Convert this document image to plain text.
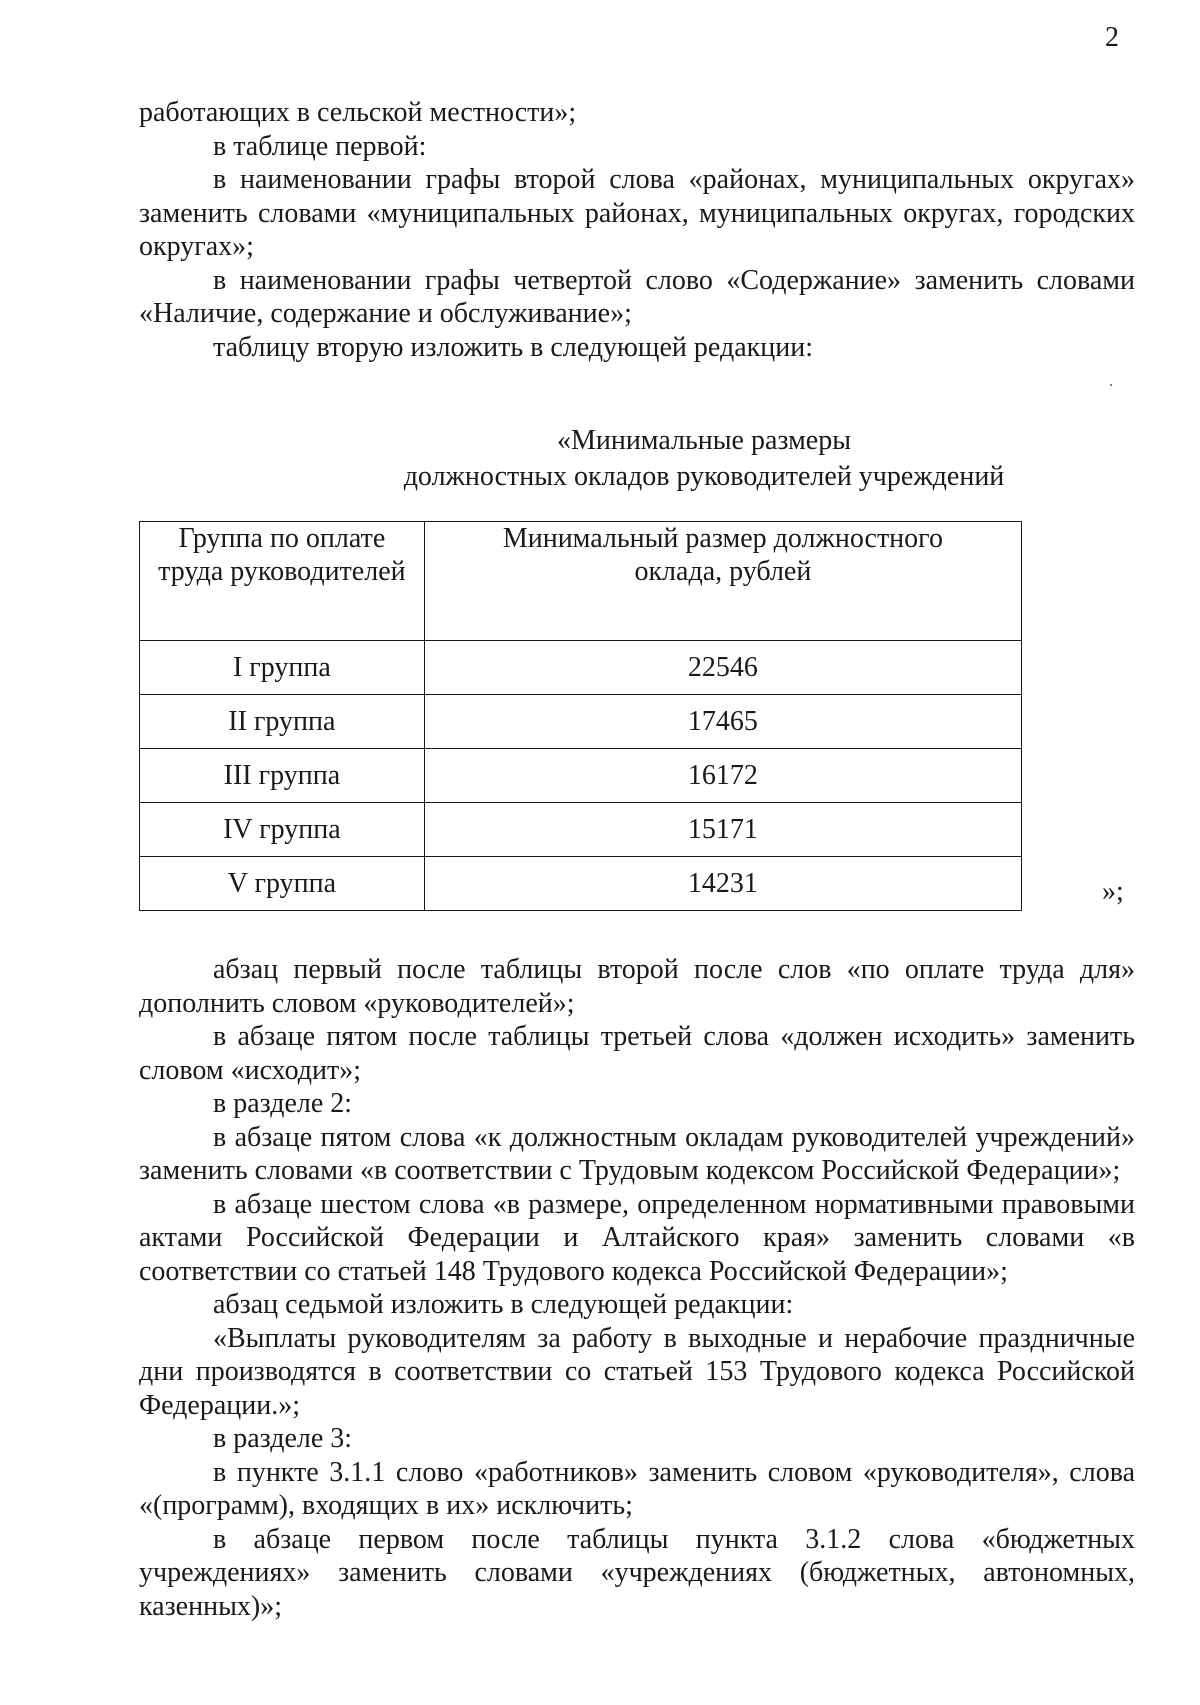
2

работающих в сельской местности»;

в таблице первой:

в наименовании графы второй слова «районах, муниципальных округах» заменить словами «муниципальных районах, муниципальных округах, городских округах»;

в наименовании графы четвертой слово «Содержание» заменить словами «Наличие, содержание и обслуживание»;

таблицу вторую изложить в следующей редакции:

«Минимальные размеры
должностных окладов руководителей учреждений
Группа по оплате труда руководителей	Минимальный размер должностного оклада, рублей

I группа	22546
II группа	17465
III группа	16172
IV группа	15171
V группа	14231	»;

абзац первый после таблицы второй после слов «по оплате труда для» дополнить словом «руководителей»;

в абзаце пятом после таблицы третьей слова «должен исходить» заменить словом «исходит»;

в разделе 2:

в абзаце пятом слова «к должностным окладам руководителей учреждений» заменить словами «в соответствии с Трудовым кодексом Российской Федерации»;

в абзаце шестом слова «в размере, определенном нормативными правовыми актами Российской Федерации и Алтайского края» заменить словами «в соответствии со статьей 148 Трудового кодекса Российской Федерации»;

абзац седьмой изложить в следующей редакции:

«Выплаты руководителям за работу в выходные и нерабочие праздничные дни производятся в соответствии со статьей 153 Трудового кодекса Российской Федерации.»;

в разделе 3:

в пункте 3.1.1 слово «работников» заменить словом «руководителя», слова «(программ), входящих в их» исключить;

в абзаце первом после таблицы пункта 3.1.2 слова «бюджетных учреждениях» заменить словами «учреждениях (бюджетных, автономных, казенных)»;
